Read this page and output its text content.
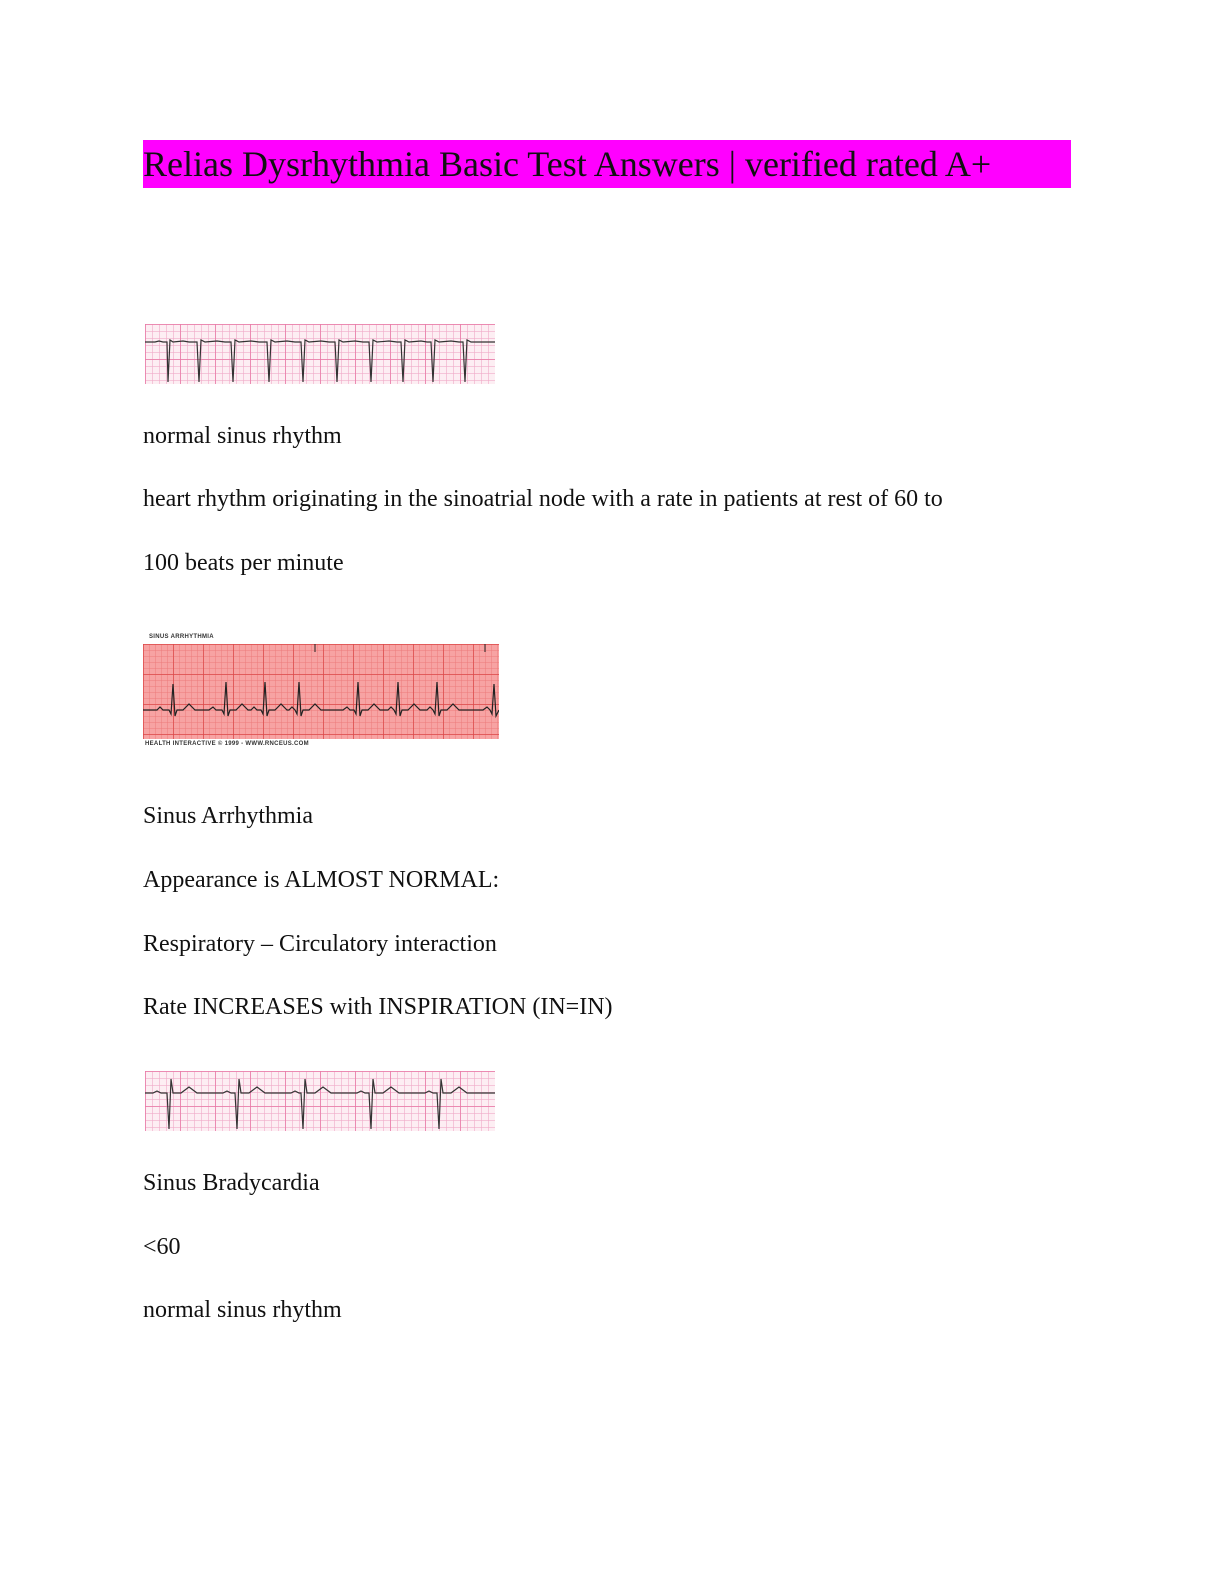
Relias Dysrhythmia Basic Test Answers | verified rated A+
normal sinus rhythm
heart rhythm originating in the sinoatrial node with a rate in patients at rest of 60 to
100 beats per minute
SINUS ARRHYTHMIA
HEALTH INTERACTIVE © 1999 - WWW.RNCEUS.COM
Sinus Arrhythmia
Appearance is ALMOST NORMAL:
Respiratory – Circulatory interaction
Rate INCREASES with INSPIRATION (IN=IN)
Sinus Bradycardia
<60
normal sinus rhythm
